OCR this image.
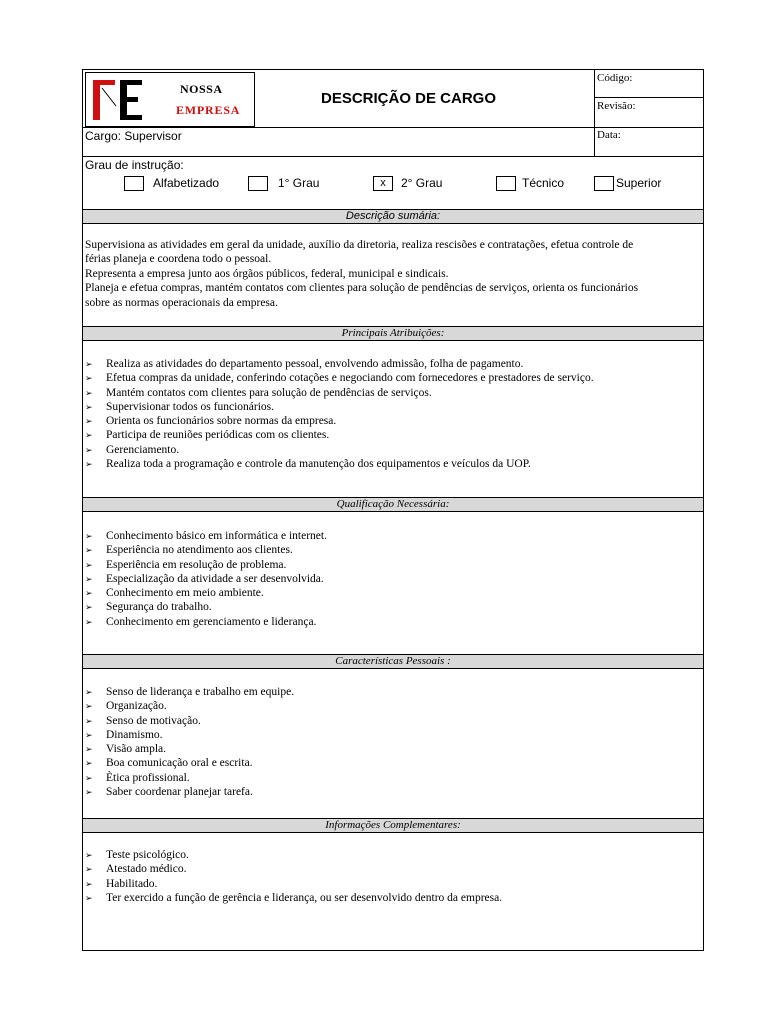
NOSSA
EMPRESA
DESCRIÇÃO DE CARGO
Código:
Revisão:
Cargo: Supervisor	Data:
Grau de instrução:
Alfabetizado	1° Grau	x	2° Grau	Técnico	Superior
Descrição sumária:
Supervisiona as atividades em geral da unidade, auxílio da diretoria, realiza rescisões e contratações, efetua controle de
férias planeja e coordena todo o pessoal.
Representa a empresa junto aos órgãos públicos, federal, municipal e sindicais.
Planeja e efetua compras, mantém contatos com clientes para solução de pendências de serviços, orienta os funcionários
sobre as normas operacionais da empresa.
Principais Atribuições:
➢ Realiza as atividades do departamento pessoal, envolvendo admissão, folha de pagamento.
➢ Efetua compras da unidade, conferindo cotações e negociando com fornecedores e prestadores de serviço.
➢ Mantém contatos com clientes para solução de pendências de serviços.
➢ Supervisionar todos os funcionários.
➢ Orienta os funcionários sobre normas da empresa.
➢ Participa de reuniões periódicas com os clientes.
➢ Gerenciamento.
➢ Realiza toda a programação e controle da manutenção dos equipamentos e veículos da UOP.
Qualificação Necessária:
➢ Conhecimento básico em informática e internet.
➢ Esperiência no atendimento aos clientes.
➢ Esperiência em resolução de problema.
➢ Especialização da atividade a ser desenvolvida.
➢ Conhecimento em meio ambiente.
➢ Segurança do trabalho.
➢ Conhecimento em gerenciamento e liderança.
Características Pessoais :
➢ Senso de liderança e trabalho em equipe.
➢ Organização.
➢ Senso de motivação.
➢ Dinamismo.
➢ Visão ampla.
➢ Boa comunicação oral e escrita.
➢ Ètica profissional.
➢ Saber coordenar planejar tarefa.
Informações Complementares:
➢ Teste psicológico.
➢ Atestado médico.
➢ Habilitado.
➢ Ter exercido a função de gerência e liderança, ou ser desenvolvido dentro da empresa.
